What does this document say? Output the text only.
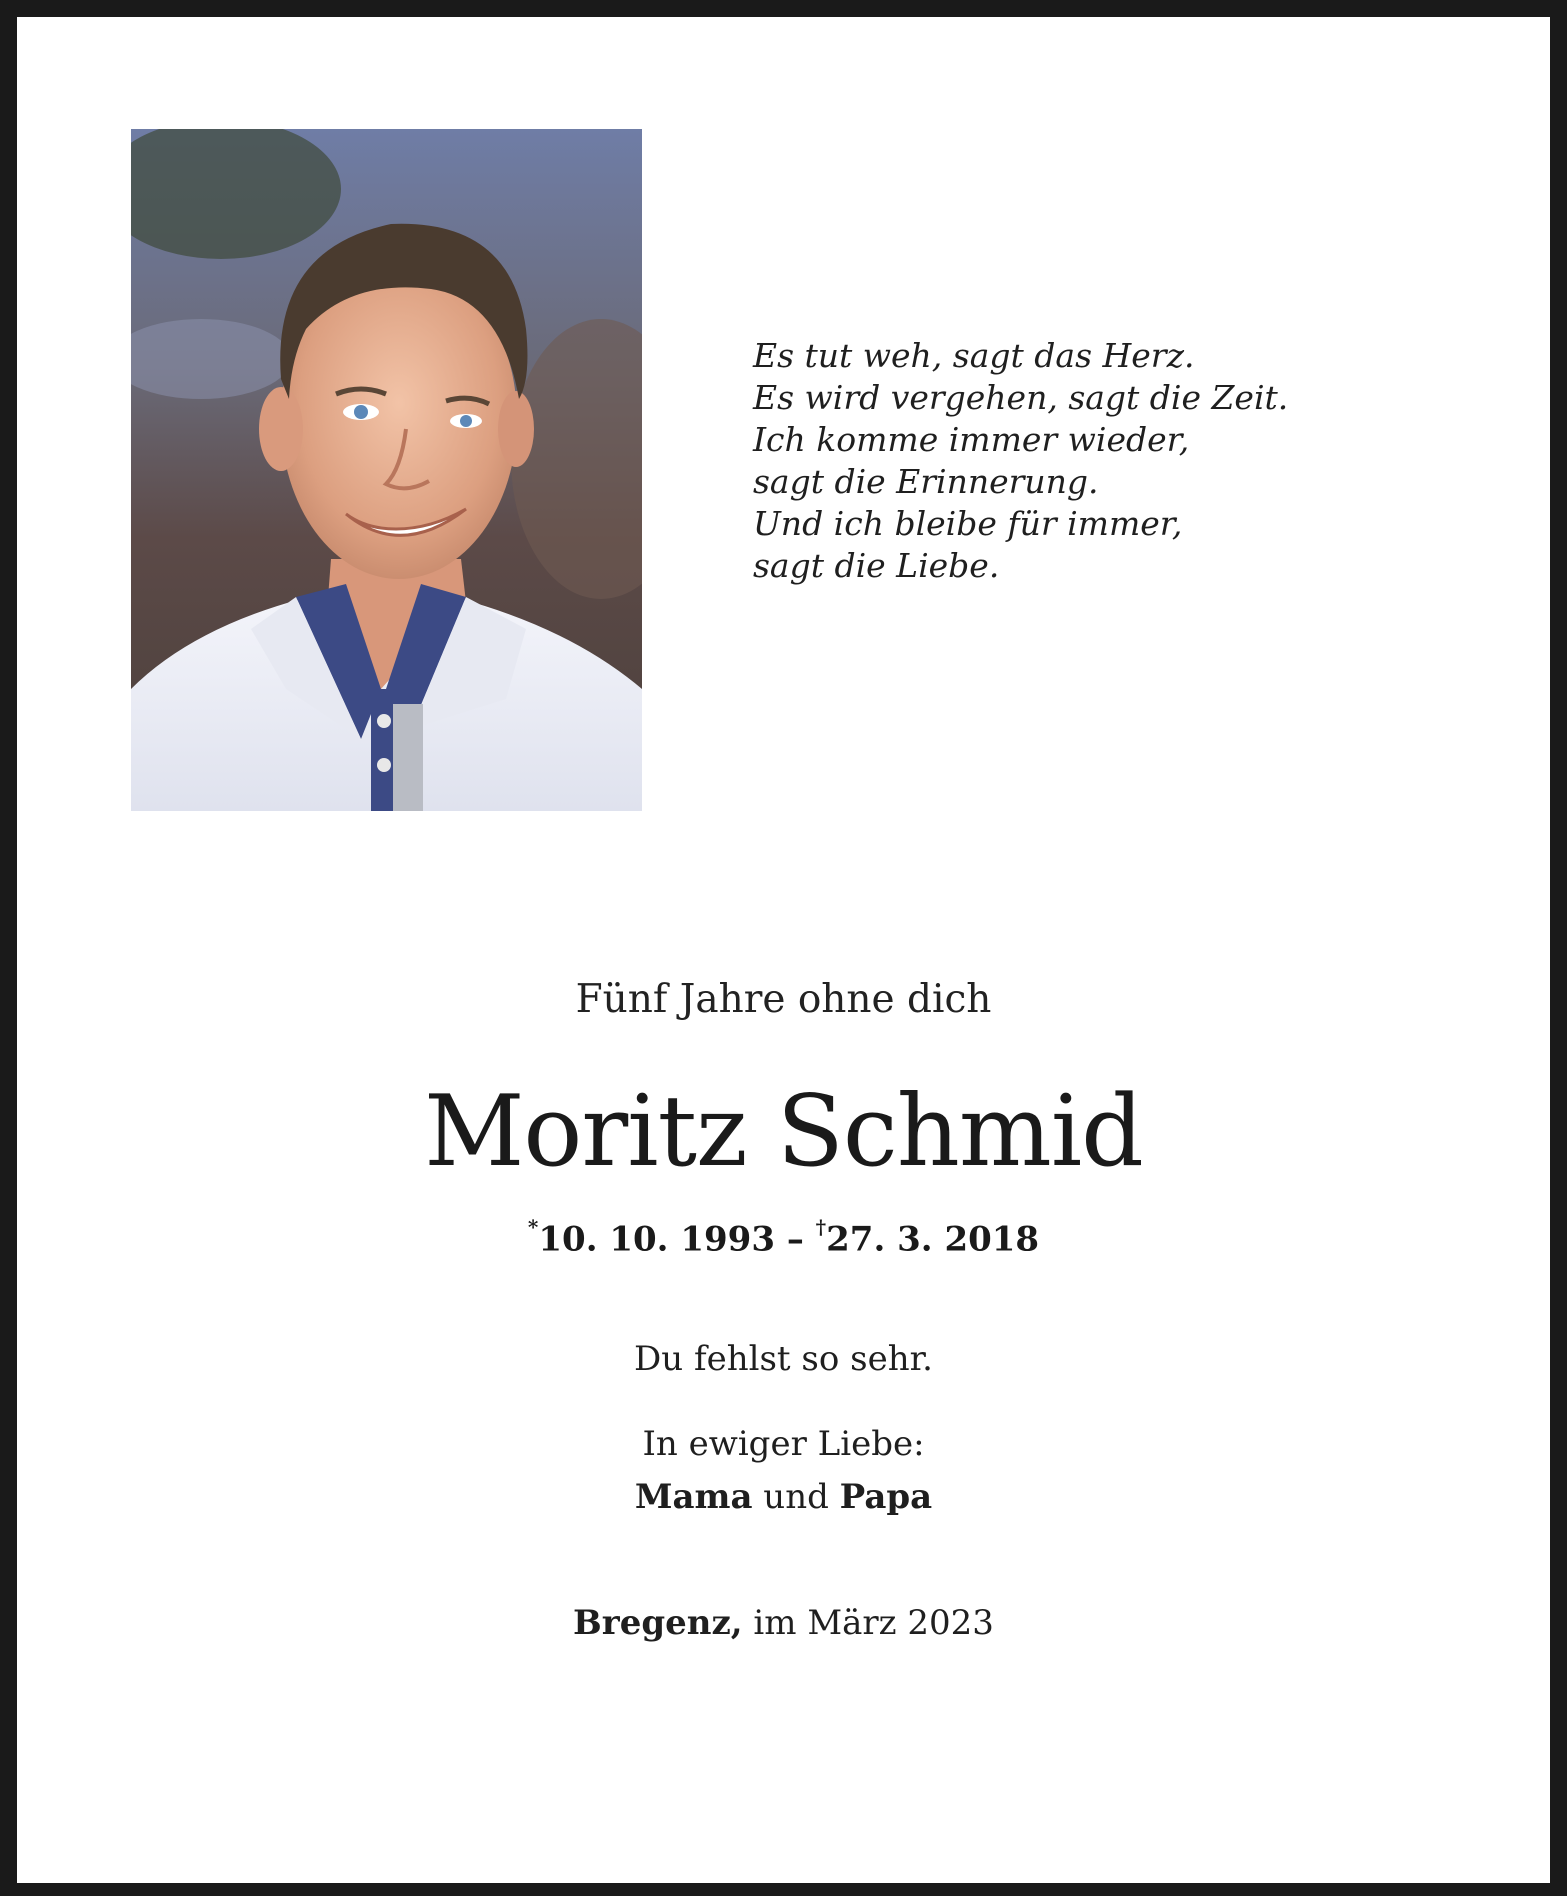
Es tut weh, sagt das Herz.
Es wird vergehen, sagt die Zeit.
Ich komme immer wieder,
sagt die Erinnerung.
Und ich bleibe für immer,
sagt die Liebe.
Fünf Jahre ohne dich
Moritz Schmid
*10. 10. 1993 – †27. 3. 2018
Du fehlst so sehr.
In ewiger Liebe:
Mama und Papa
Bregenz, im März 2023
